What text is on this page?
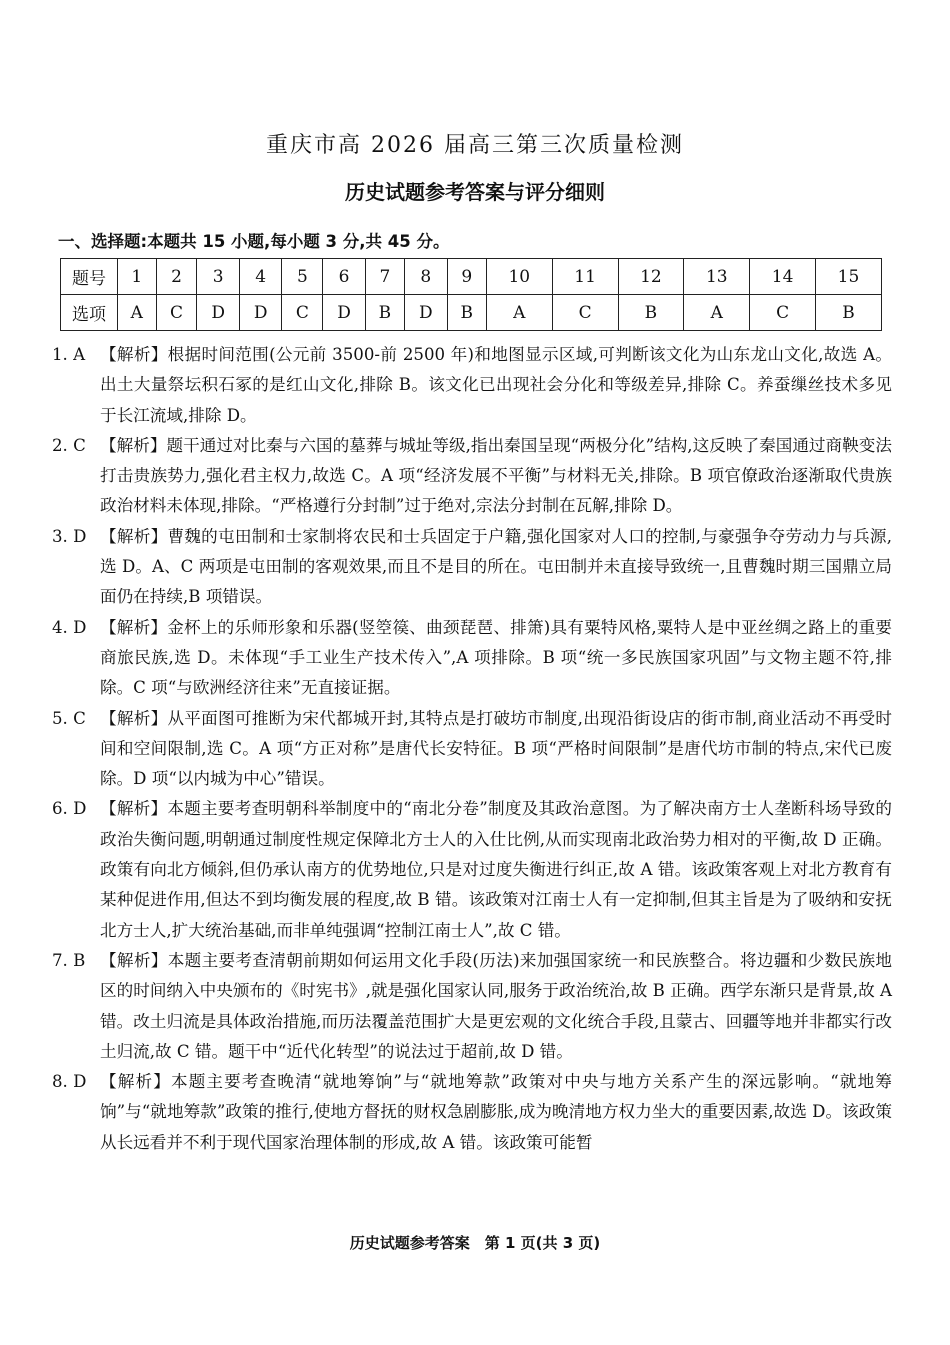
重庆市高 2026 届高三第三次质量检测
历史试题参考答案与评分细则
一、选择题:本题共 15 小题,每小题 3 分,共 45 分。
题号	1	2	3	4	5	6	7	8	9	10	11	12	13	14	15
选项	A	C	D	D	C	D	B	D	B	A	C	B	A	C	B
1. A 【解析】根据时间范围(公元前 3500-前 2500 年)和地图显示区域,可判断该文化为山东龙山文化,故选 A。出土大量祭坛积石冢的是红山文化,排除 B。该文化已出现社会分化和等级差异,排除 C。养蚕缫丝技术多见于长江流域,排除 D。
2. C 【解析】题干通过对比秦与六国的墓葬与城址等级,指出秦国呈现“两极分化”结构,这反映了秦国通过商鞅变法打击贵族势力,强化君主权力,故选 C。A 项“经济发展不平衡”与材料无关,排除。B 项官僚政治逐渐取代贵族政治材料未体现,排除。“严格遵行分封制”过于绝对,宗法分封制在瓦解,排除 D。
3. D 【解析】曹魏的屯田制和士家制将农民和士兵固定于户籍,强化国家对人口的控制,与豪强争夺劳动力与兵源,选 D。A、C 两项是屯田制的客观效果,而且不是目的所在。屯田制并未直接导致统一,且曹魏时期三国鼎立局面仍在持续,B 项错误。
4. D 【解析】金杯上的乐师形象和乐器(竖箜篌、曲颈琵琶、排箫)具有粟特风格,粟特人是中亚丝绸之路上的重要商旅民族,选 D。未体现“手工业生产技术传入”,A 项排除。B 项“统一多民族国家巩固”与文物主题不符,排除。C 项“与欧洲经济往来”无直接证据。
5. C 【解析】从平面图可推断为宋代都城开封,其特点是打破坊市制度,出现沿街设店的街市制,商业活动不再受时间和空间限制,选 C。A 项“方正对称”是唐代长安特征。B 项“严格时间限制”是唐代坊市制的特点,宋代已废除。D 项“以内城为中心”错误。
6. D 【解析】本题主要考查明朝科举制度中的“南北分卷”制度及其政治意图。为了解决南方士人垄断科场导致的政治失衡问题,明朝通过制度性规定保障北方士人的入仕比例,从而实现南北政治势力相对的平衡,故 D 正确。政策有向北方倾斜,但仍承认南方的优势地位,只是对过度失衡进行纠正,故 A 错。该政策客观上对北方教育有某种促进作用,但达不到均衡发展的程度,故 B 错。该政策对江南士人有一定抑制,但其主旨是为了吸纳和安抚北方士人,扩大统治基础,而非单纯强调“控制江南士人”,故 C 错。
7. B 【解析】本题主要考查清朝前期如何运用文化手段(历法)来加强国家统一和民族整合。将边疆和少数民族地区的时间纳入中央颁布的《时宪书》,就是强化国家认同,服务于政治统治,故 B 正确。西学东渐只是背景,故 A 错。改土归流是具体政治措施,而历法覆盖范围扩大是更宏观的文化统合手段,且蒙古、回疆等地并非都实行改土归流,故 C 错。题干中“近代化转型”的说法过于超前,故 D 错。
8. D 【解析】本题主要考查晚清“就地筹饷”与“就地筹款”政策对中央与地方关系产生的深远影响。“就地筹饷”与“就地筹款”政策的推行,使地方督抚的财权急剧膨胀,成为晚清地方权力坐大的重要因素,故选 D。该政策从长远看并不利于现代国家治理体制的形成,故 A 错。该政策可能暂
历史试题参考答案　第 1 页(共 3 页)
